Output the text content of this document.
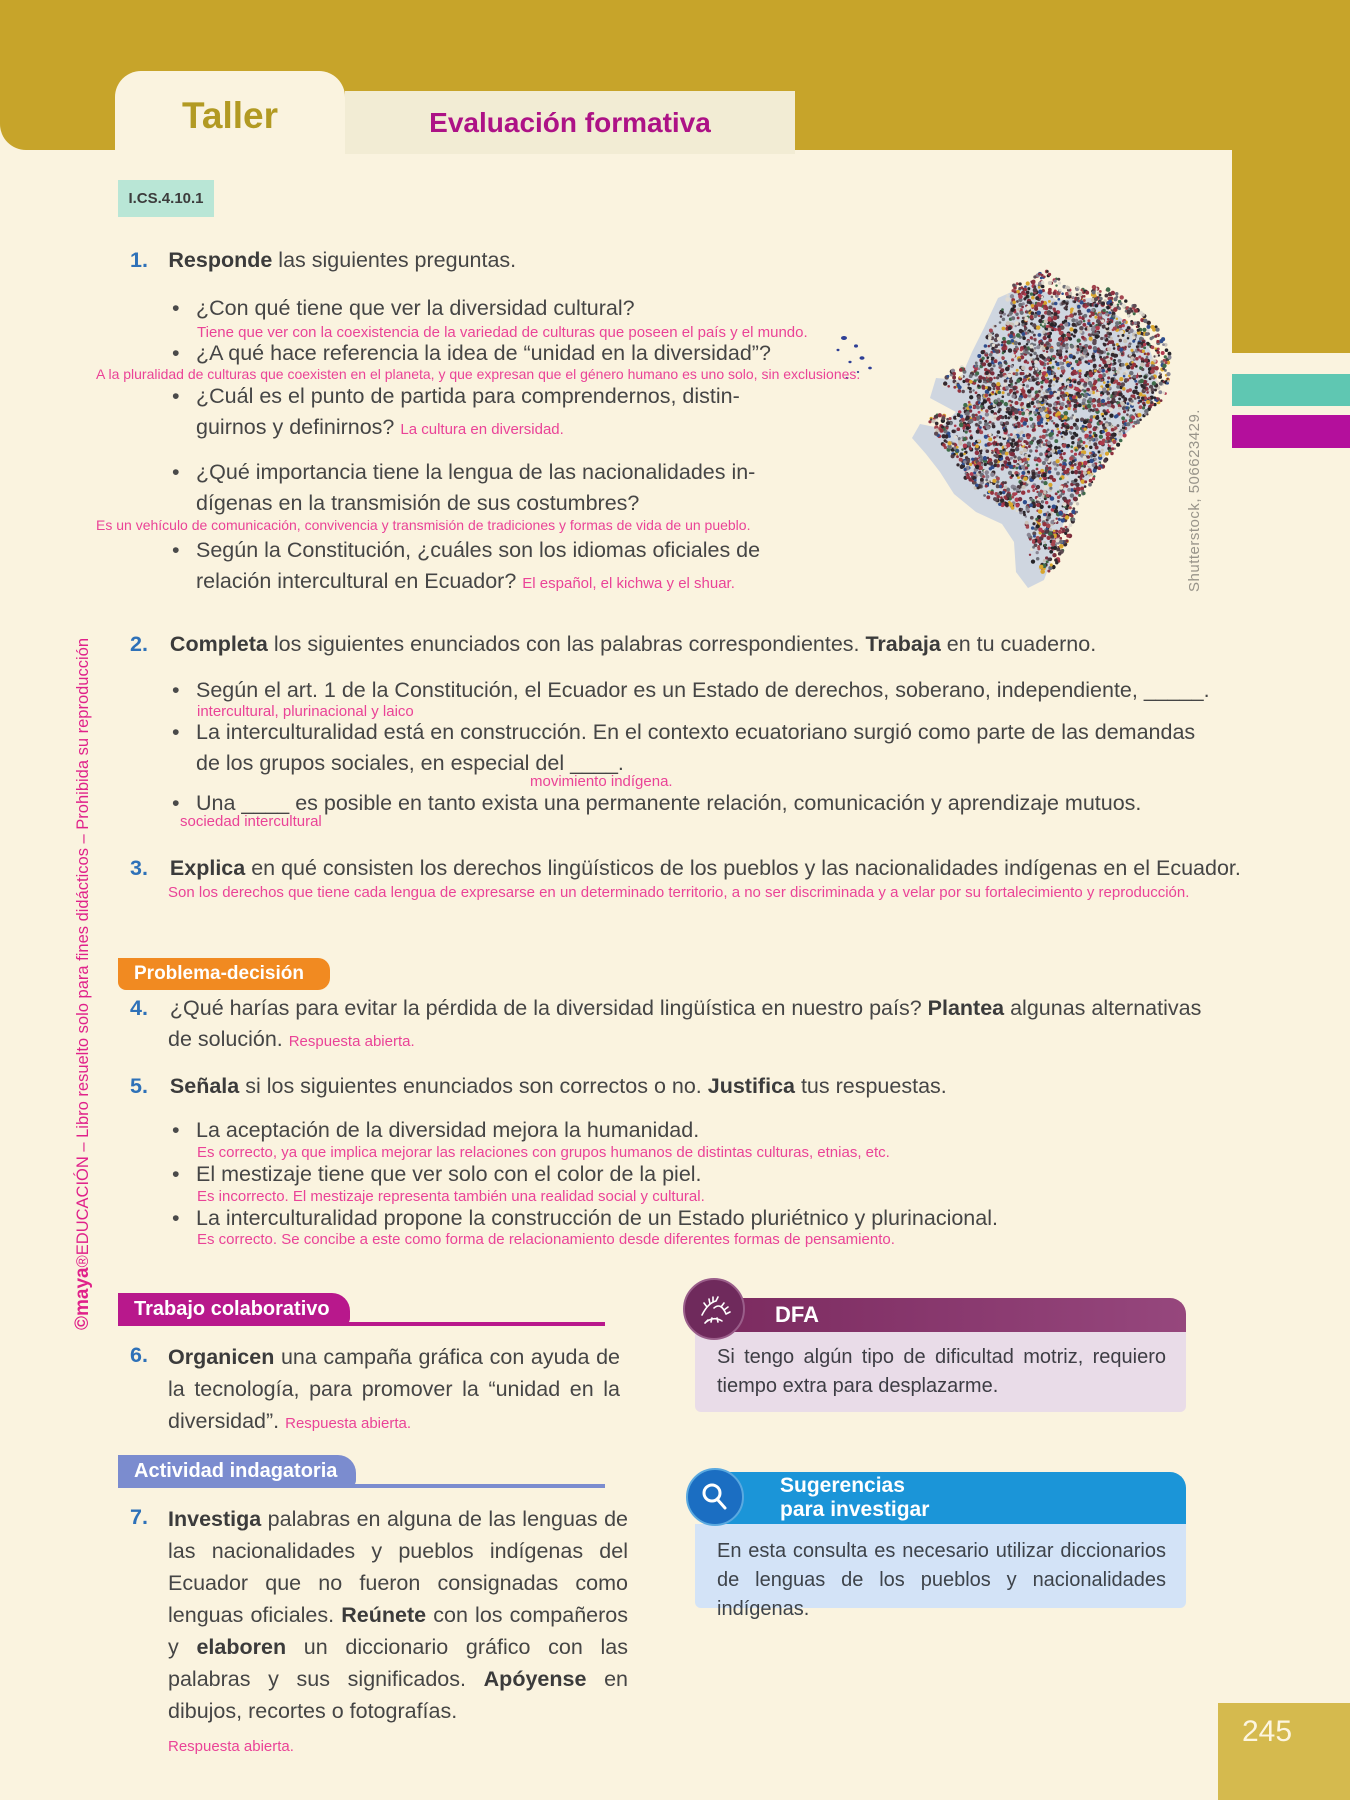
Evaluación formativa
Taller
I.CS.4.10.1
Shutterstock, 506623429.
1. Responde las siguientes preguntas.
• ¿Con qué tiene que ver la diversidad cultural?
Tiene que ver con la coexistencia de la variedad de culturas que poseen el país y el mundo.
• ¿A qué hace referencia la idea de “unidad en la diversidad”?
A la pluralidad de culturas que coexisten en el planeta, y que expresan que el género humano es uno solo, sin exclusiones.
• ¿Cuál es el punto de partida para comprendernos, distin-
guirnos y definirnos? La cultura en diversidad.
• ¿Qué importancia tiene la lengua de las nacionalidades in-
dígenas en la transmisión de sus costumbres?
Es un vehículo de comunicación, convivencia y transmisión de tradiciones y formas de vida de un pueblo.
• Según la Constitución, ¿cuáles son los idiomas oficiales de
relación intercultural en Ecuador? El español, el kichwa y el shuar.
2. Completa los siguientes enunciados con las palabras correspondientes. Trabaja en tu cuaderno.
• Según el art. 1 de la Constitución, el Ecuador es un Estado de derechos, soberano, independiente, _____.
intercultural, plurinacional y laico
• La interculturalidad está en construcción. En el contexto ecuatoriano surgió como parte de las demandas
de los grupos sociales, en especial del ____.
movimiento indígena.
• Una ____ es posible en tanto exista una permanente relación, comunicación y aprendizaje mutuos.
sociedad intercultural
3. Explica en qué consisten los derechos lingüísticos de los pueblos y las nacionalidades indígenas en el Ecuador.
Son los derechos que tiene cada lengua de expresarse en un determinado territorio, a no ser discriminada y a velar por su fortalecimiento y reproducción.
Problema-decisión
4. ¿Qué harías para evitar la pérdida de la diversidad lingüística en nuestro país? Plantea algunas alternativas
de solución. Respuesta abierta.
5. Señala si los siguientes enunciados son correctos o no. Justifica tus respuestas.
• La aceptación de la diversidad mejora la humanidad.
Es correcto, ya que implica mejorar las relaciones con grupos humanos de distintas culturas, etnias, etc.
• El mestizaje tiene que ver solo con el color de la piel.
Es incorrecto. El mestizaje representa también una realidad social y cultural.
• La interculturalidad propone la construcción de un Estado pluriétnico y plurinacional.
Es correcto. Se concibe a este como forma de relacionamiento desde diferentes formas de pensamiento.
Trabajo colaborativo
6. Organicen una campaña gráfica con ayuda de la tecnología, para promover la “unidad en la diversidad”. Respuesta abierta.
Actividad indagatoria
7. Investiga palabras en alguna de las lenguas de las nacionalidades y pueblos indígenas del Ecuador que no fueron consignadas como lenguas oficiales. Reúnete con los compañeros y elaboren un diccionario gráfico con las palabras y sus significados. Apóyense en dibujos, recortes o fotografías.
Respuesta abierta.
DFA
Si tengo algún tipo de dificultad motriz, requiero tiempo extra para desplazarme.
Sugerencias
para investigar
En esta consulta es necesario utilizar diccionarios de lenguas de los pueblos y nacionalidades indígenas.
245
©maya®EDUCACIÓN – Libro resuelto solo para fines didácticos – Prohibida su reproducción
